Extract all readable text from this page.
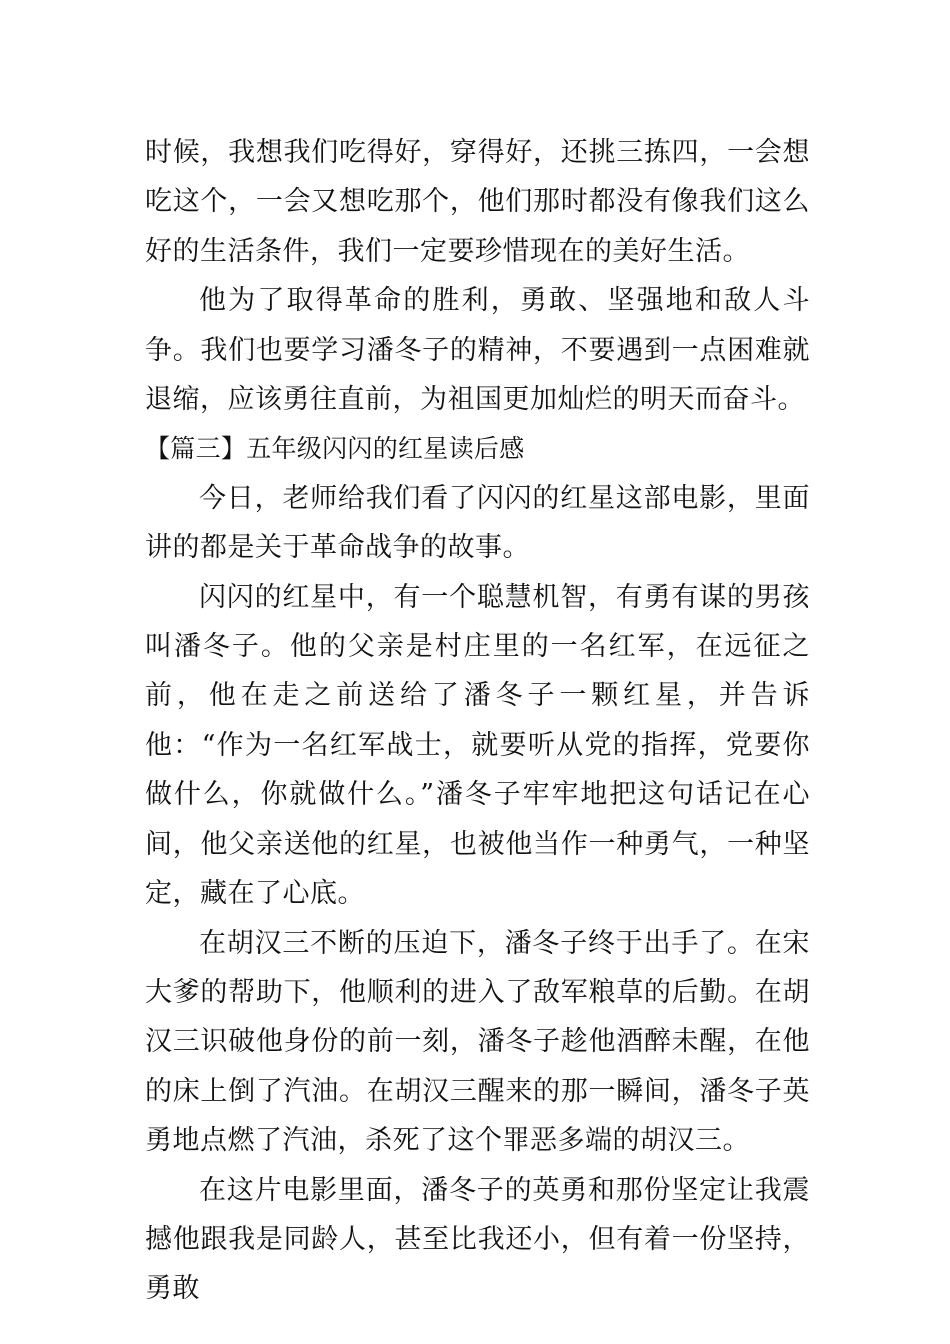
时候，我想我们吃得好，穿得好，还挑三拣四，一会想吃这个，一会又想吃那个，他们那时都没有像我们这么好的生活条件，我们一定要珍惜现在的美好生活。

他为了取得革命的胜利，勇敢、坚强地和敌人斗争。我们也要学习潘冬子的精神，不要遇到一点困难就退缩，应该勇往直前，为祖国更加灿烂的明天而奋斗。

【篇三】五年级闪闪的红星读后感

今日，老师给我们看了闪闪的红星这部电影，里面讲的都是关于革命战争的故事。

闪闪的红星中，有一个聪慧机智，有勇有谋的男孩叫潘冬子。他的父亲是村庄里的一名红军，在远征之前，他在走之前送给了潘冬子一颗红星，并告诉他：“作为一名红军战士，就要听从党的指挥，党要你做什么，你就做什么。”潘冬子牢牢地把这句话记在心间，他父亲送他的红星，也被他当作一种勇气，一种坚定，藏在了心底。

在胡汉三不断的压迫下，潘冬子终于出手了。在宋大爹的帮助下，他顺利的进入了敌军粮草的后勤。在胡汉三识破他身份的前一刻，潘冬子趁他酒醉未醒，在他的床上倒了汽油。在胡汉三醒来的那一瞬间，潘冬子英勇地点燃了汽油，杀死了这个罪恶多端的胡汉三。

在这片电影里面，潘冬子的英勇和那份坚定让我震撼他跟我是同龄人，甚至比我还小，但有着一份坚持，勇敢
